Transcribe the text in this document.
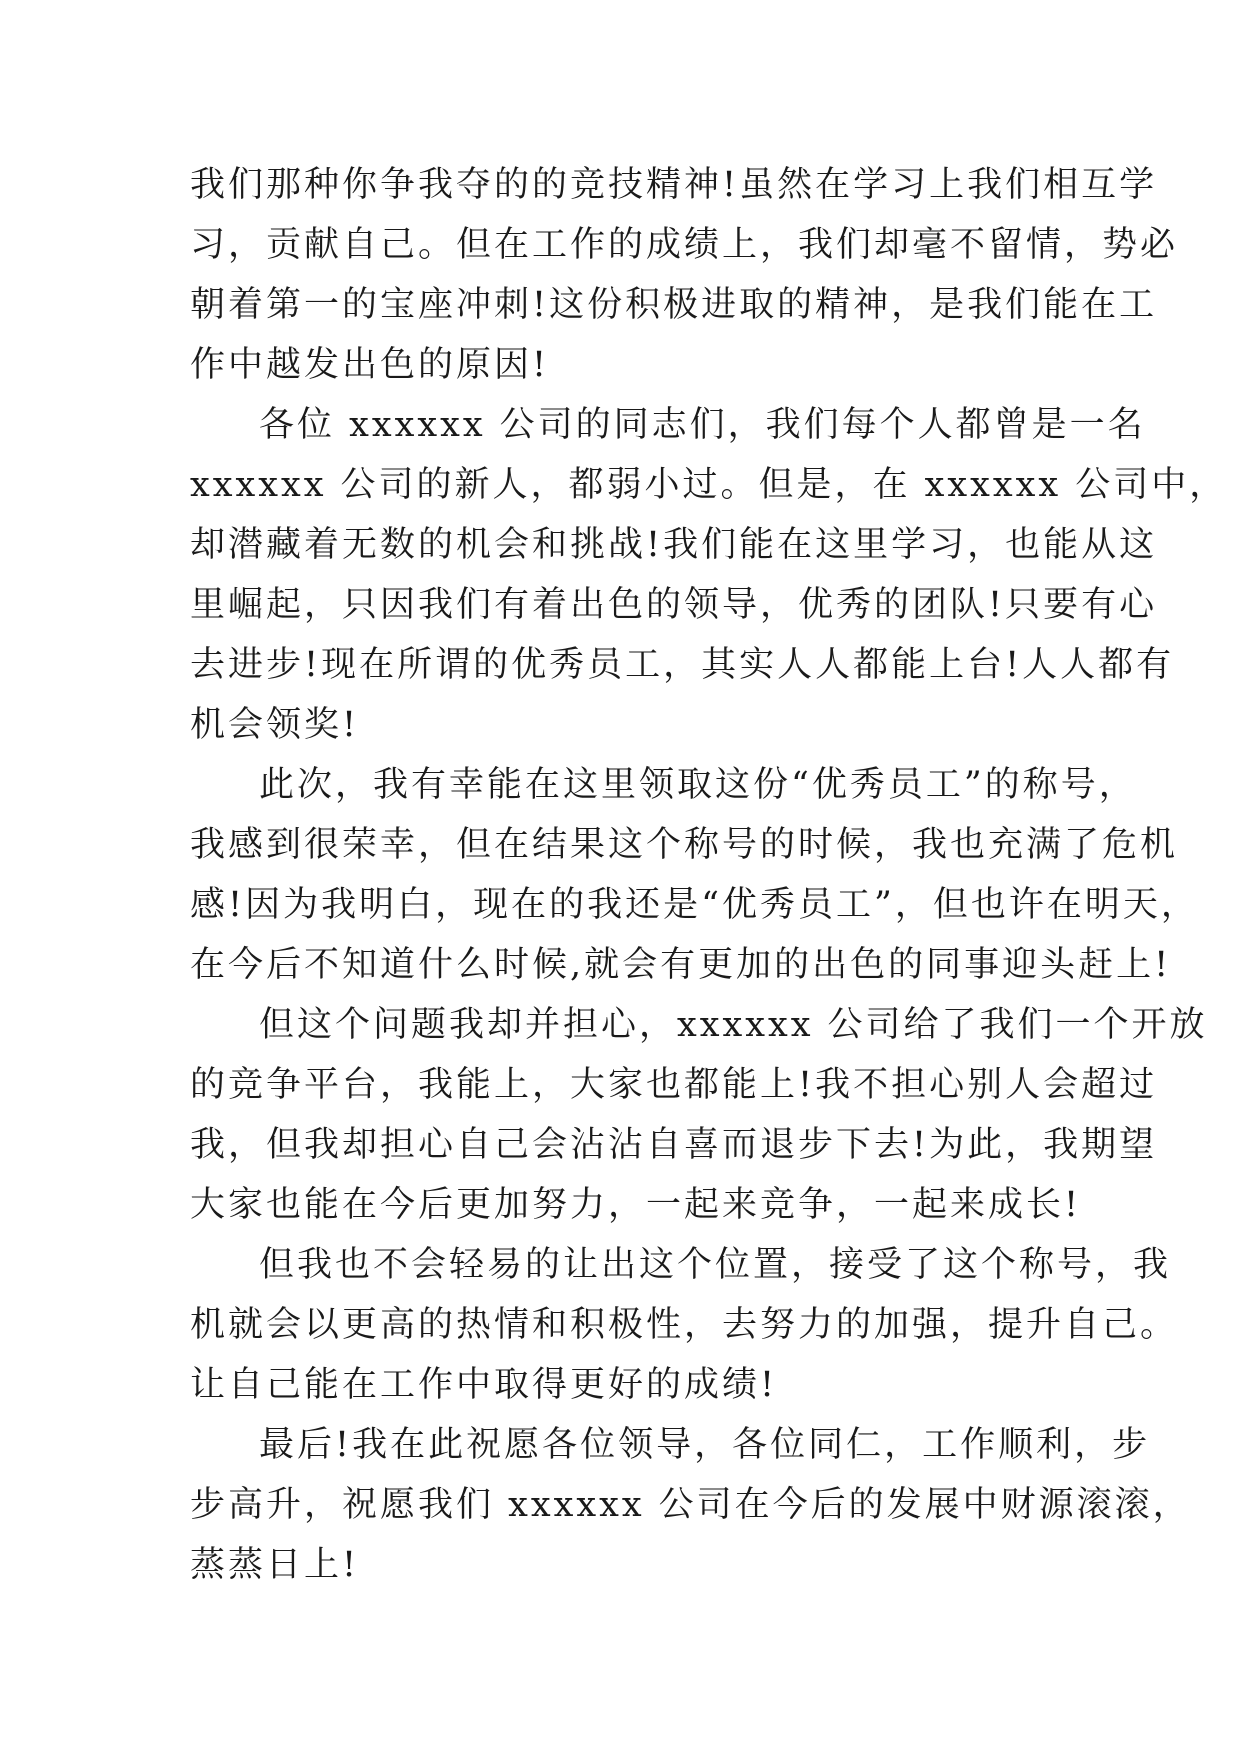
我们那种你争我夺的的竞技精神!虽然在学习上我们相互学
习，贡献自己。但在工作的成绩上，我们却毫不留情，势必
朝着第一的宝座冲刺!这份积极进取的精神，是我们能在工
作中越发出色的原因!
各位 xxxxxx 公司的同志们，我们每个人都曾是一名
xxxxxx 公司的新人，都弱小过。但是，在 xxxxxx 公司中，
却潜藏着无数的机会和挑战!我们能在这里学习，也能从这
里崛起，只因我们有着出色的领导，优秀的团队!只要有心
去进步!现在所谓的优秀员工，其实人人都能上台!人人都有
机会领奖!
此次，我有幸能在这里领取这份“优秀员工”的称号，
我感到很荣幸，但在结果这个称号的时候，我也充满了危机
感!因为我明白，现在的我还是“优秀员工”，但也许在明天，
在今后不知道什么时候,就会有更加的出色的同事迎头赶上!
但这个问题我却并担心，xxxxxx 公司给了我们一个开放
的竞争平台，我能上，大家也都能上!我不担心别人会超过
我，但我却担心自己会沾沾自喜而退步下去!为此，我期望
大家也能在今后更加努力，一起来竞争，一起来成长!
但我也不会轻易的让出这个位置，接受了这个称号，我
机就会以更高的热情和积极性，去努力的加强，提升自己。
让自己能在工作中取得更好的成绩!
最后!我在此祝愿各位领导，各位同仁，工作顺利，步
步高升，祝愿我们 xxxxxx 公司在今后的发展中财源滚滚，
蒸蒸日上!
